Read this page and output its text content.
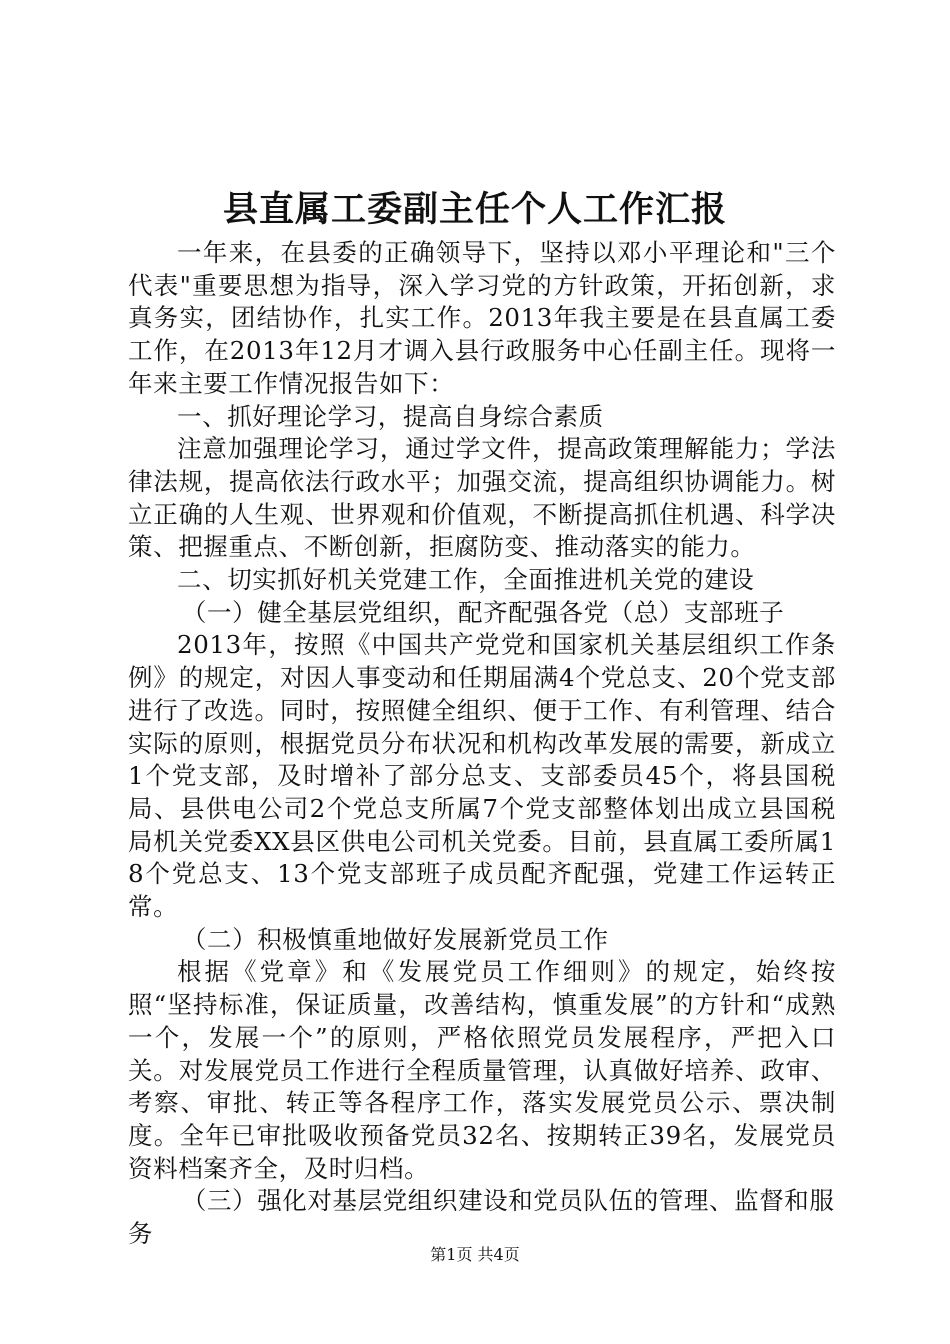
县直属工委副主任个人工作汇报

一年来，在县委的正确领导下，坚持以邓小平理论和"三个代表"重要思想为指导，深入学习党的方针政策，开拓创新，求真务实，团结协作，扎实工作。2013年我主要是在县直属工委工作，在2013年12月才调入县行政服务中心任副主任。现将一年来主要工作情况报告如下：

一、抓好理论学习，提高自身综合素质

注意加强理论学习，通过学文件，提高政策理解能力；学法律法规，提高依法行政水平；加强交流，提高组织协调能力。树立正确的人生观、世界观和价值观，不断提高抓住机遇、科学决策、把握重点、不断创新，拒腐防变、推动落实的能力。

二、切实抓好机关党建工作，全面推进机关党的建设

（一）健全基层党组织，配齐配强各党（总）支部班子

2013年，按照《中国共产党党和国家机关基层组织工作条例》的规定，对因人事变动和任期届满4个党总支、20个党支部进行了改选。同时，按照健全组织、便于工作、有利管理、结合实际的原则，根据党员分布状况和机构改革发展的需要，新成立1个党支部，及时增补了部分总支、支部委员45个，将县国税局、县供电公司2个党总支所属7个党支部整体划出成立县国税局机关党委XX县区供电公司机关党委。目前，县直属工委所属18个党总支、13个党支部班子成员配齐配强，党建工作运转正常。

（二）积极慎重地做好发展新党员工作

根据《党章》和《发展党员工作细则》的规定，始终按照“坚持标准，保证质量，改善结构，慎重发展”的方针和“成熟一个，发展一个”的原则，严格依照党员发展程序，严把入口关。对发展党员工作进行全程质量管理，认真做好培养、政审、考察、审批、转正等各程序工作，落实发展党员公示、票决制度。全年已审批吸收预备党员32名、按期转正39名，发展党员资料档案齐全，及时归档。

（三）强化对基层党组织建设和党员队伍的管理、监督和服务

第1页 共4页
